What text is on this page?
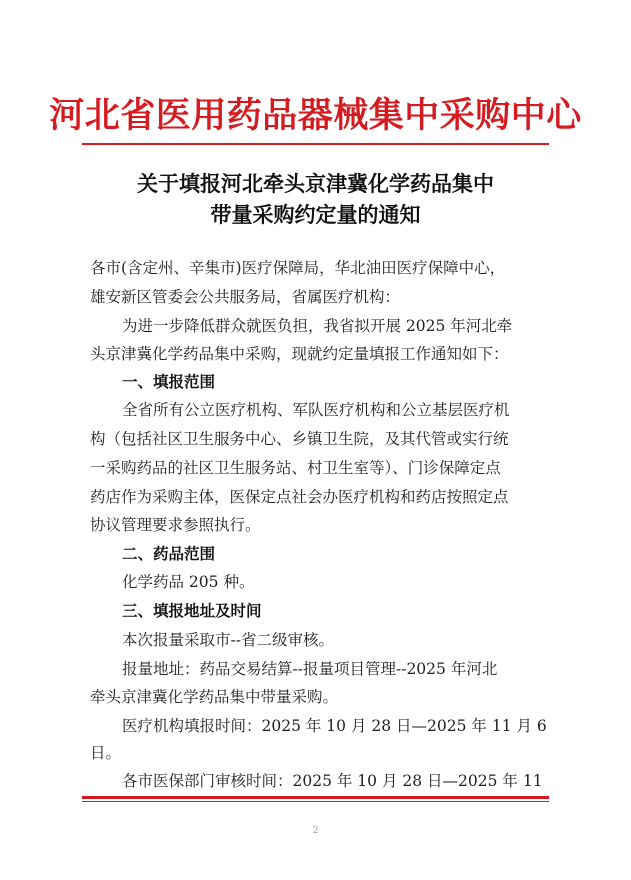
河北省医用药品器械集中采购中心
关于填报河北牵头京津冀化学药品集中
带量采购约定量的通知
各市(含定州、辛集市)医疗保障局，华北油田医疗保障中心，
雄安新区管委会公共服务局，省属医疗机构：
为进一步降低群众就医负担，我省拟开展 2025 年河北牵
头京津冀化学药品集中采购，现就约定量填报工作通知如下：
一、填报范围
全省所有公立医疗机构、军队医疗机构和公立基层医疗机
构（包括社区卫生服务中心、乡镇卫生院，及其代管或实行统
一采购药品的社区卫生服务站、村卫生室等）、门诊保障定点
药店作为采购主体，医保定点社会办医疗机构和药店按照定点
协议管理要求参照执行。
二、药品范围
化学药品 205 种。
三、填报地址及时间
本次报量采取市--省二级审核。
报量地址：药品交易结算--报量项目管理--2025 年河北
牵头京津冀化学药品集中带量采购。
医疗机构填报时间：2025 年 10 月 28 日—2025 年 11 月 6
日。
各市医保部门审核时间：2025 年 10 月 28 日—2025 年 11
2
